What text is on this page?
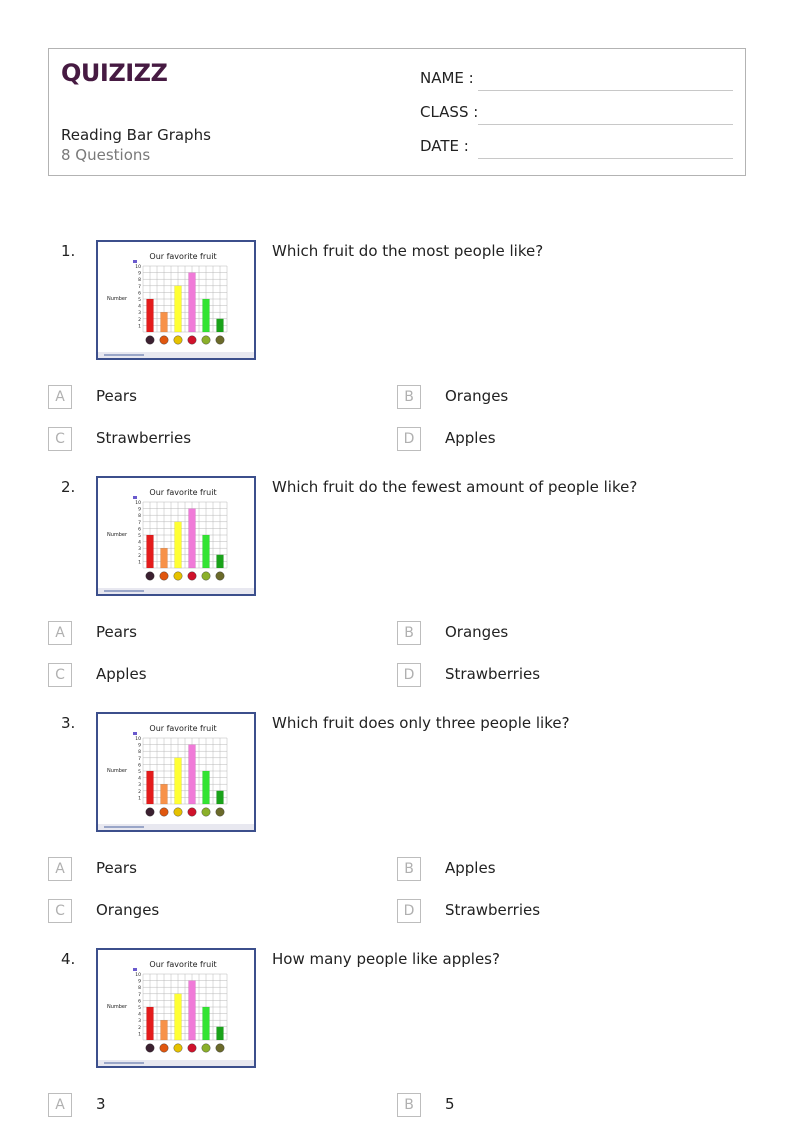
QUIZIZZ
Reading Bar Graphs
8 Questions
NAME :
CLASS :
DATE :
1.	Our favorite fruit
1
2
3
4
5
6
7
8
9
10
Number
Which fruit do the most people like?
A	Pears	B	Oranges
C	Strawberries	D	Apples
2.	Our favorite fruit
1
2
3
4
5
6
7
8
9
10
Number
Which fruit do the fewest amount of people like?
A	Pears	B	Oranges
C	Apples	D	Strawberries
3.	Our favorite fruit
1
2
3
4
5
6
7
8
9
10
Number
Which fruit does only three people like?
A	Pears	B	Apples
C	Oranges	D	Strawberries
4.	Our favorite fruit
1
2
3
4
5
6
7
8
9
10
Number
How many people like apples?
A	3	B	5
